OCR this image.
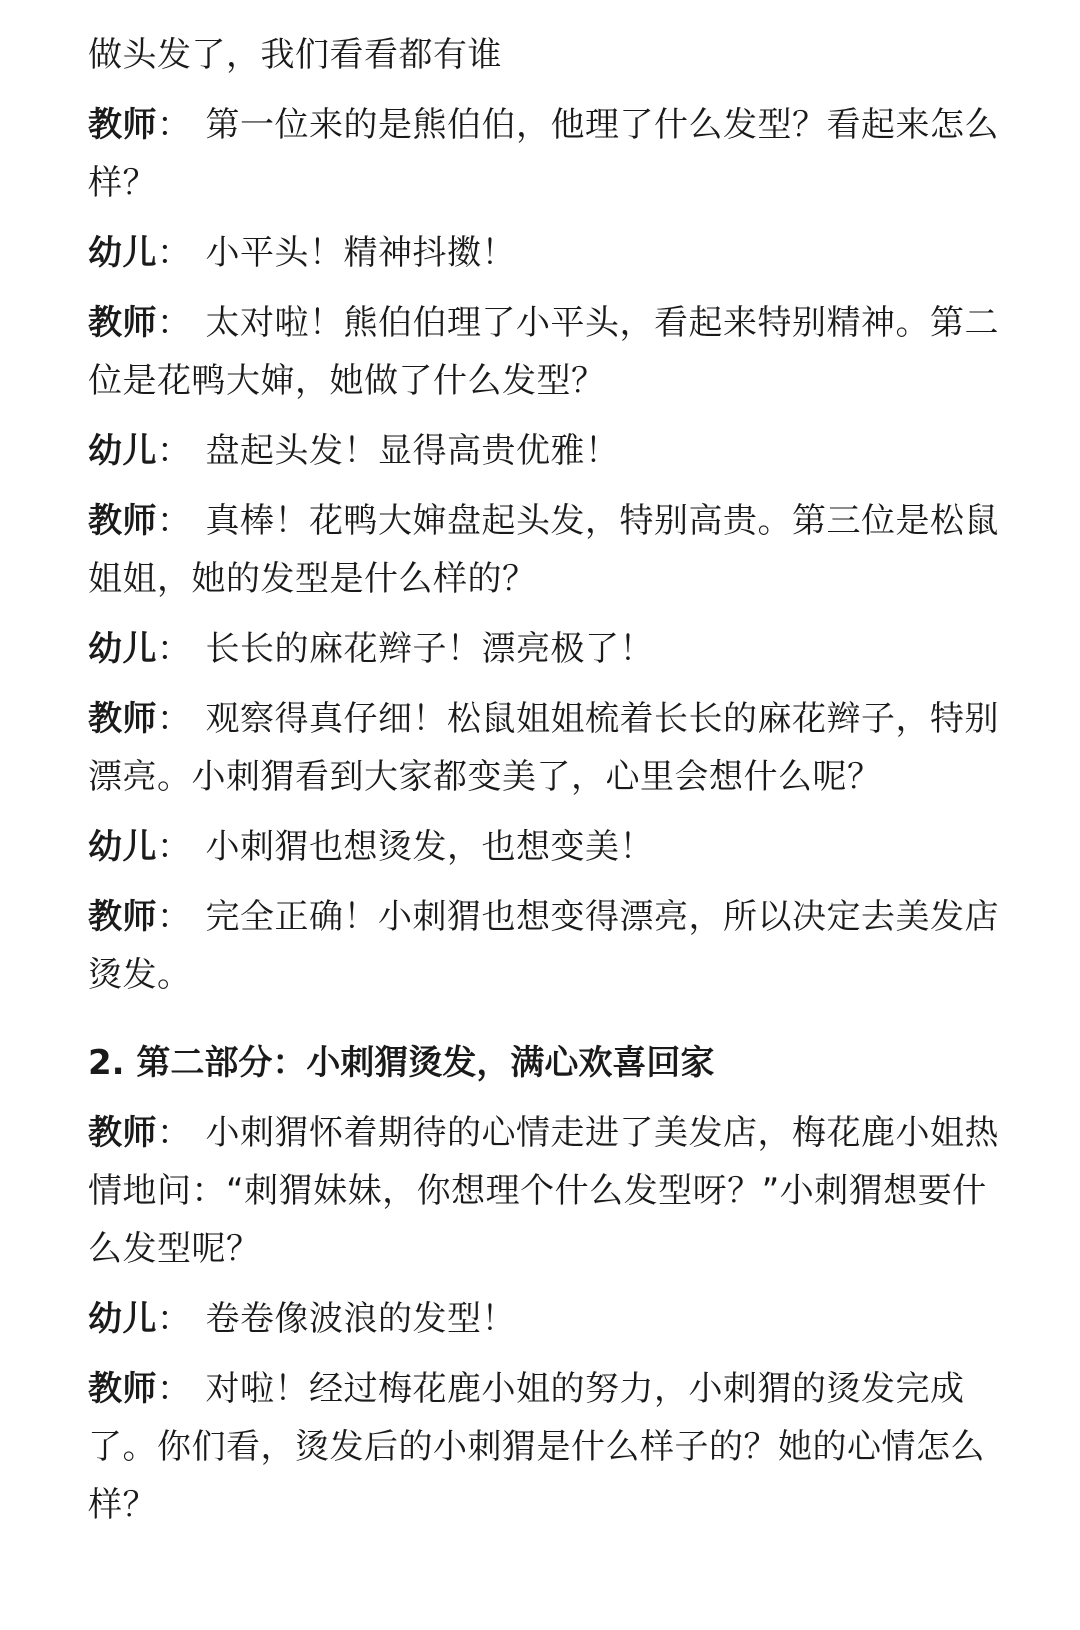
做头发了，我们看看都有谁

教师： 第一位来的是熊伯伯，他理了什么发型？看起来怎么样？

幼儿： 小平头！精神抖擞！

教师： 太对啦！熊伯伯理了小平头，看起来特别精神。第二位是花鸭大婶，她做了什么发型？

幼儿： 盘起头发！显得高贵优雅！

教师： 真棒！花鸭大婶盘起头发，特别高贵。第三位是松鼠姐姐，她的发型是什么样的？

幼儿： 长长的麻花辫子！漂亮极了！

教师： 观察得真仔细！松鼠姐姐梳着长长的麻花辫子，特别漂亮。小刺猬看到大家都变美了，心里会想什么呢？

幼儿： 小刺猬也想烫发，也想变美！

教师： 完全正确！小刺猬也想变得漂亮，所以决定去美发店烫发。

2. 第二部分：小刺猬烫发，满心欢喜回家

教师： 小刺猬怀着期待的心情走进了美发店，梅花鹿小姐热情地问：“刺猬妹妹，你想理个什么发型呀？”小刺猬想要什么发型呢？

幼儿： 卷卷像波浪的发型！

教师： 对啦！经过梅花鹿小姐的努力，小刺猬的烫发完成了。你们看，烫发后的小刺猬是什么样子的？她的心情怎么样？
